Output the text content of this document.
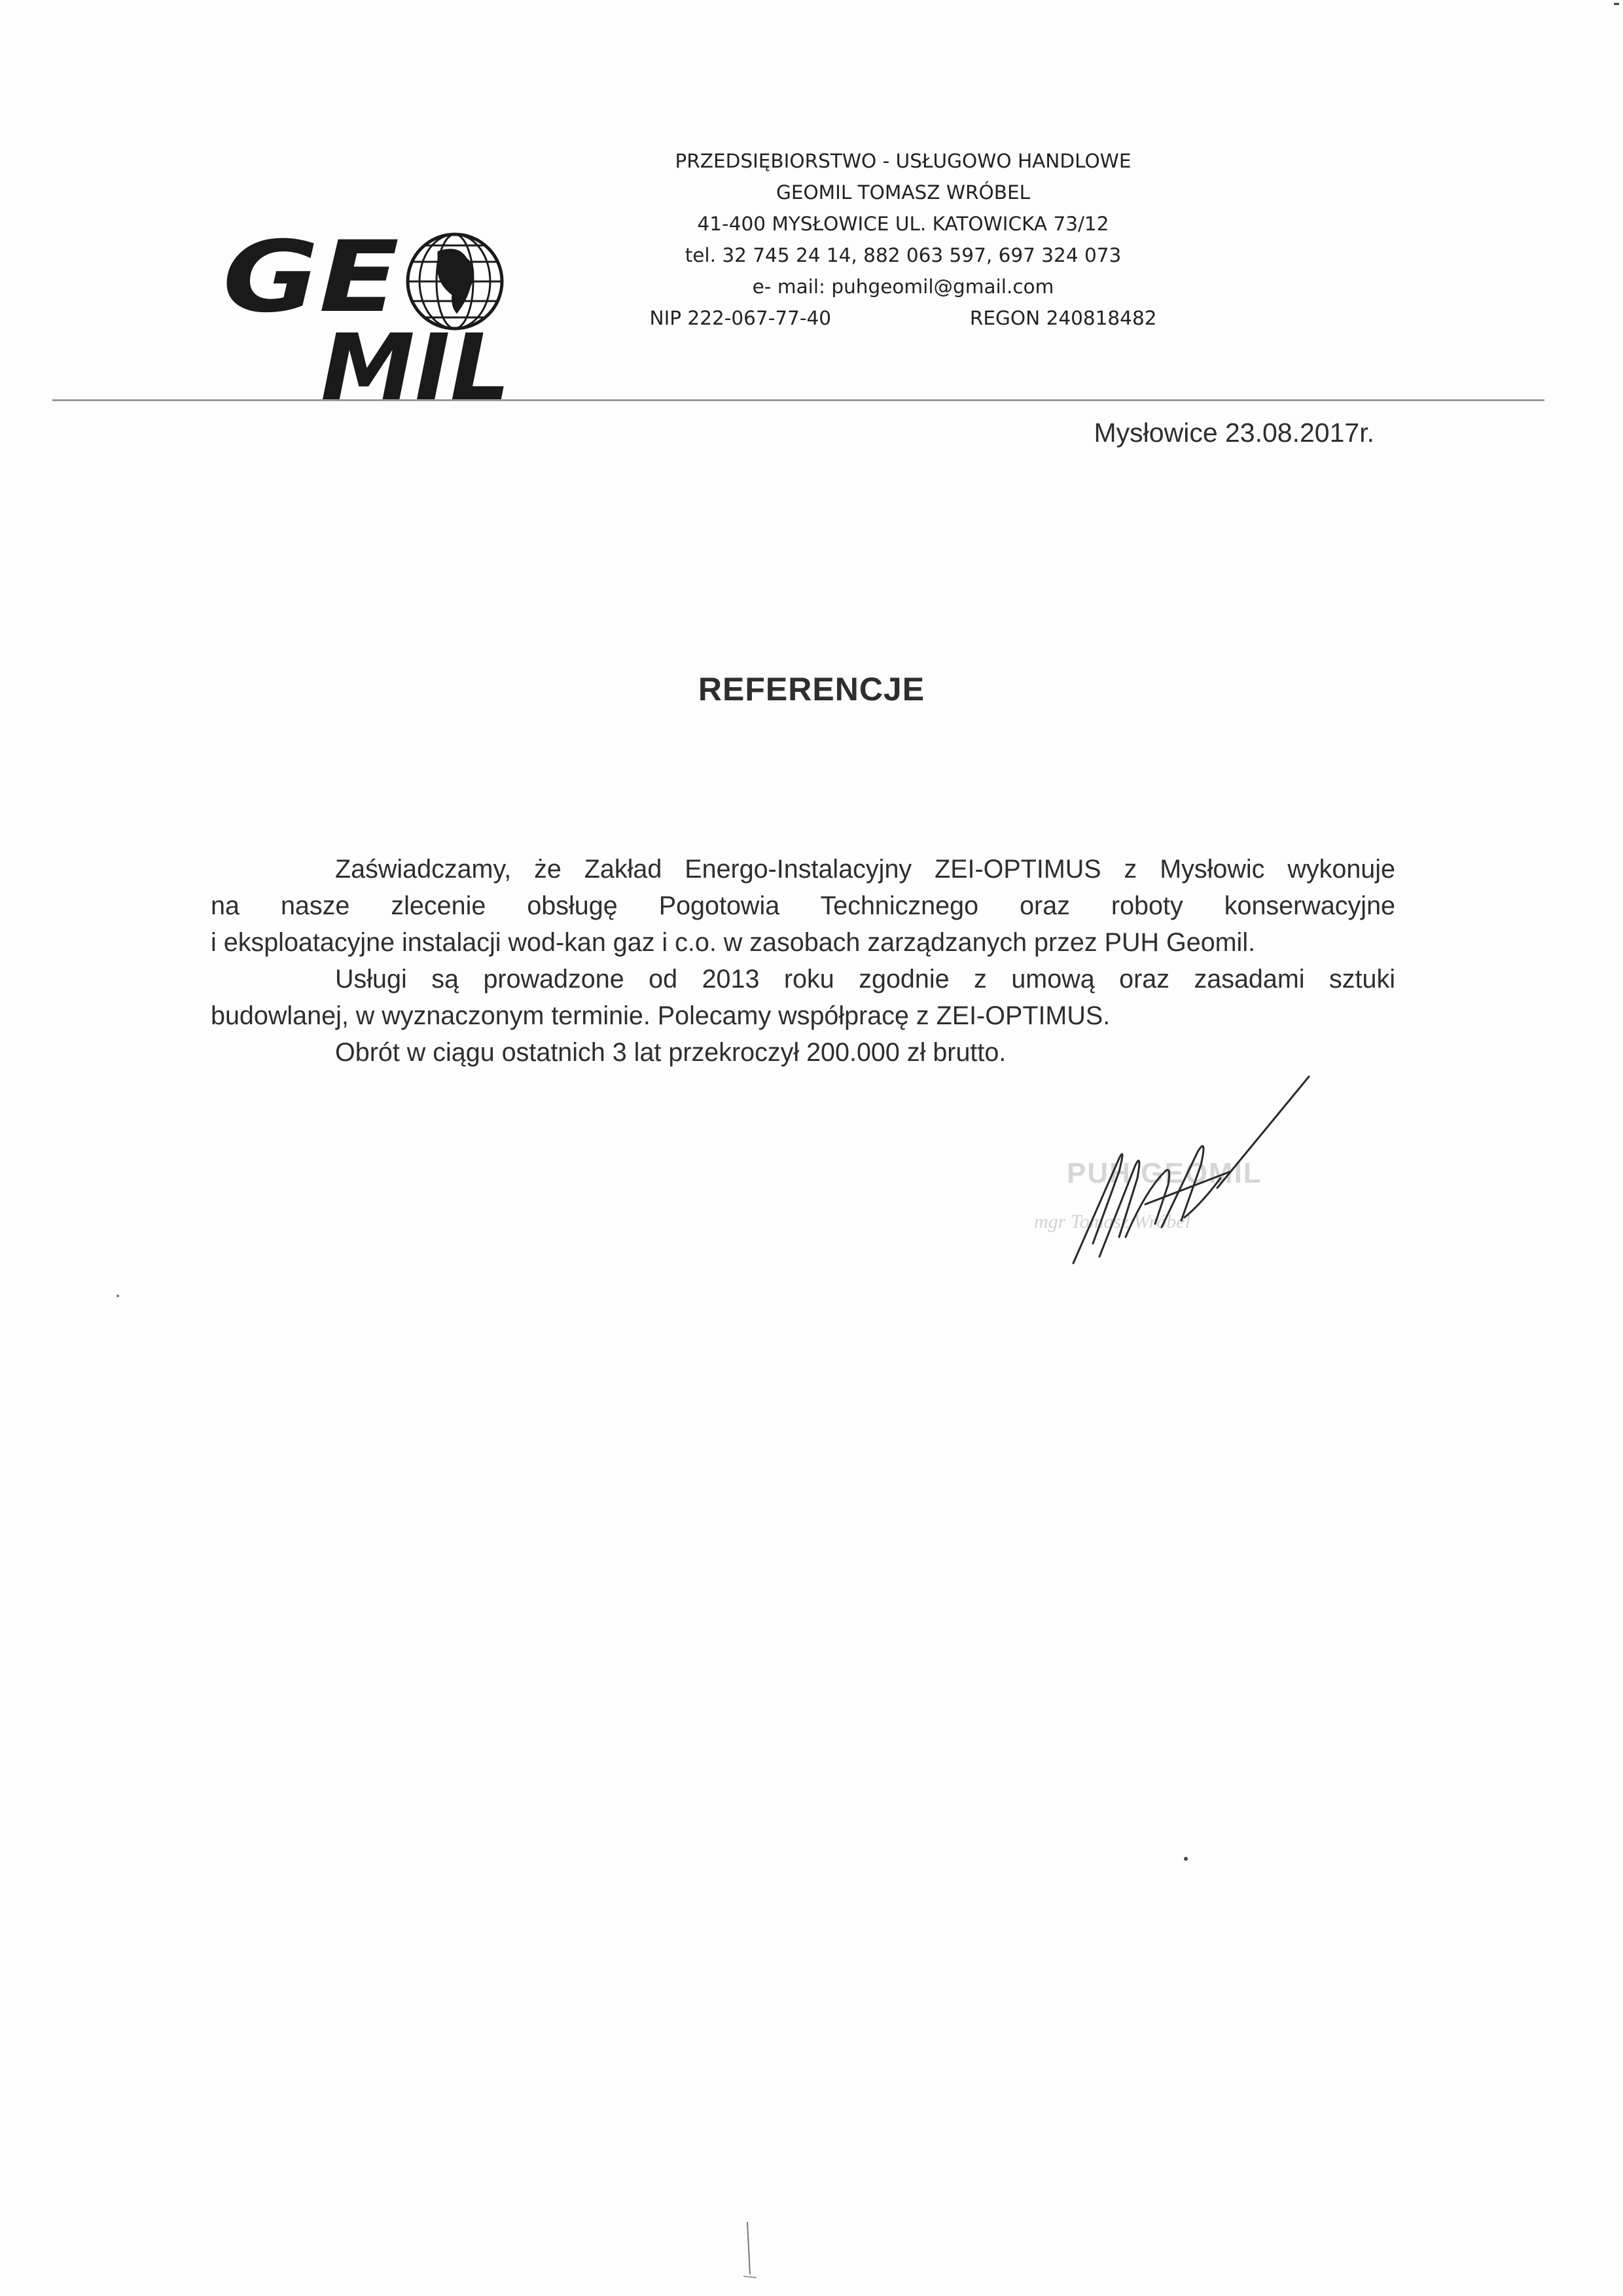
GE
MIL
PRZEDSIĘBIORSTWO - USŁUGOWO HANDLOWE
GEOMIL TOMASZ WRÓBEL
41-400 MYSŁOWICE UL. KATOWICKA 73/12
tel. 32 745 24 14, 882 063 597, 697 324 073
e- mail: puhgeomil@gmail.com
NIP 222-067-77-40	REGON 240818482
Mysłowice 23.08.2017r.
REFERENCJE
Zaświadczamy, że Zakład Energo-Instalacyjny ZEI-OPTIMUS z Mysłowic wykonuje
na nasze zlecenie obsługę Pogotowia Technicznego oraz roboty konserwacyjne
i eksploatacyjne instalacji wod-kan gaz i c.o. w zasobach zarządzanych przez PUH Geomil.
Usługi są prowadzone od 2013 roku zgodnie z umową oraz zasadami sztuki
budowlanej, w wyznaczonym terminie. Polecamy współpracę z ZEI-OPTIMUS.
Obrót w ciągu ostatnich 3 lat przekroczył 200.000 zł brutto.
PUH GEOMIL
mgr Tomasz Wróbel
